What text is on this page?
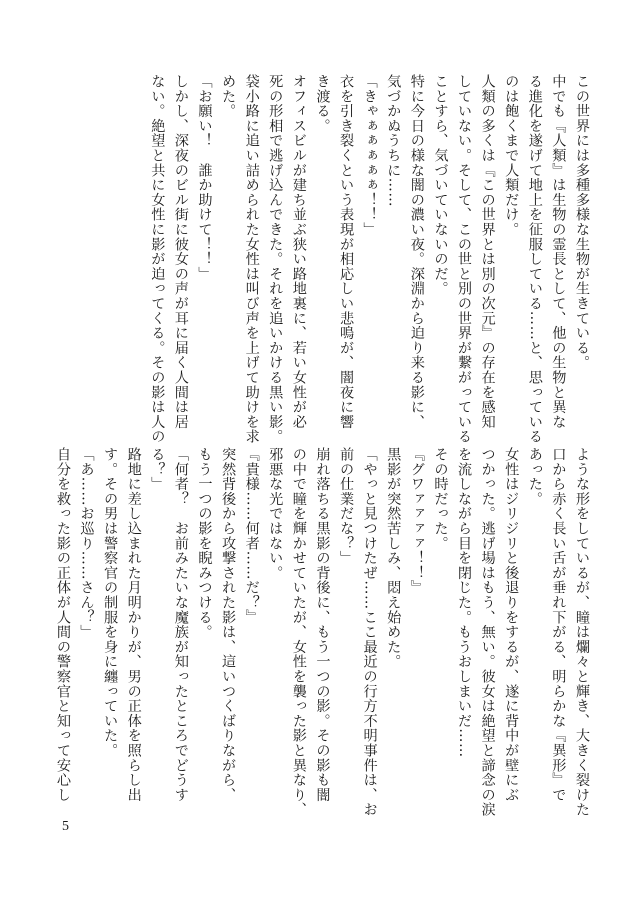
この世界には多種多様な生物が生きている。
中でも『人類』は生物の霊長として、他の生物と異な
る進化を遂げて地上を征服している……と、思っている
のは飽くまで人類だけ。
人類の多くは『この世界とは別の次元』の存在を感知
していない。そして、この世と別の世界が繋がっている
ことすら、気づいていないのだ。
特に今日の様な闇の濃い夜。深淵から迫り来る影に、
気づかぬうちに……
「きゃぁぁぁぁぁ！！」
衣を引き裂くという表現が相応しい悲鳴が、闇夜に響
き渡る。
オフィスビルが建ち並ぶ狭い路地裏に、若い女性が必
死の形相で逃げ込んできた。それを追いかける黒い影。
袋小路に追い詰められた女性は叫び声を上げて助けを求
めた。
「お願い！　誰か助けて！！」
しかし、深夜のビル街に彼女の声が耳に届く人間は居
ない。絶望と共に女性に影が迫ってくる。その影は人の
ような形をしているが、瞳は爛々と輝き、大きく裂けた
口から赤く長い舌が垂れ下がる、明らかな『異形』で
あった。
女性はジリジリと後退りをするが、遂に背中が壁にぶ
つかった。逃げ場はもう、無い。彼女は絶望と諦念の涙
を流しながら目を閉じた。もうおしまいだ……
その時だった。
『グワァァァァ！！』
黒影が突然苦しみ、悶え始めた。
「やっと見つけたぜ……ここ最近の行方不明事件は、お
前の仕業だな？」
崩れ落ちる黒影の背後に、もう一つの影。その影も闇
の中で瞳を輝かせていたが、女性を襲った影と異なり、
邪悪な光ではない。
『貴様……何者……だ？』
突然背後から攻撃された影は、這いつくばりながら、
もう一つの影を睨みつける。
「何者？　お前みたいな魔族が知ったところでどうす
る？」
路地に差し込まれた月明かりが、男の正体を照らし出
す。その男は警察官の制服を身に纏っていた。
「あ……お巡り……さん？」
自分を救った影の正体が人間の警察官と知って安心し
5
